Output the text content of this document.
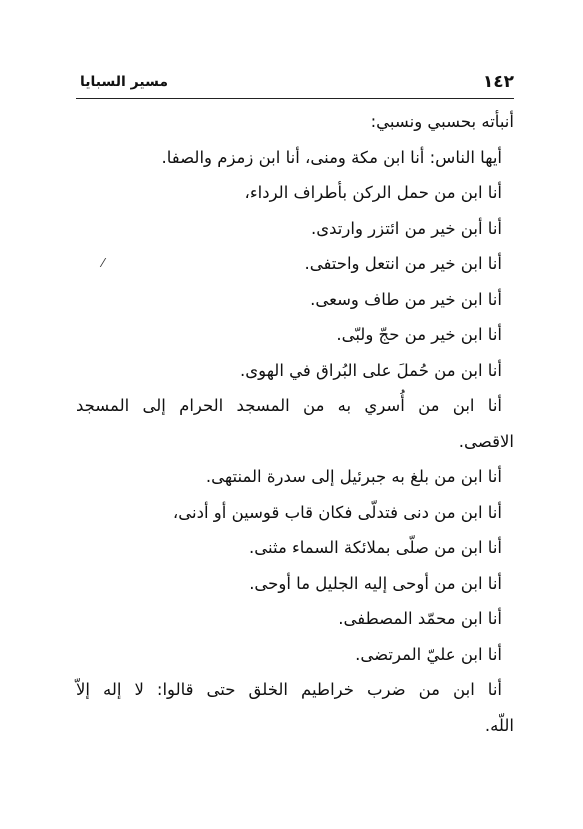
١٤٢
مسير السبايا
أنبأته بحسبي ونسبي:
أيها الناس: أنا ابن مكة ومنى، أنا ابن زمزم والصفا.
أنا ابن من حمل الركن بأطراف الرداء،
أنا أبن خير من ائتزر وارتدى.
أنا ابن خير من انتعل واحتفى.
أنا ابن خير من طاف وسعى.
أنا ابن خير من حجّ ولبّى.
أنا ابن من حُملَ على البُراق في الهوى.
أنا ابن من أُسري به من المسجد الحرام إلى المسجد
الاقصى.
أنا ابن من بلغ به جبرئيل إلى سدرة المنتهى.
أنا ابن من دنى فتدلّى فكان قاب قوسين أو أدنى،
أنا ابن من صلّى بملائكة السماء مثنى.
أنا ابن من أوحى إليه الجليل ما أوحى.
أنا ابن محمّد المصطفى.
أنا ابن عليّ المرتضى.
أنا ابن من ضرب خراطيم الخلق حتى قالوا: لا إله إلاّ
اللّه.
⁄
